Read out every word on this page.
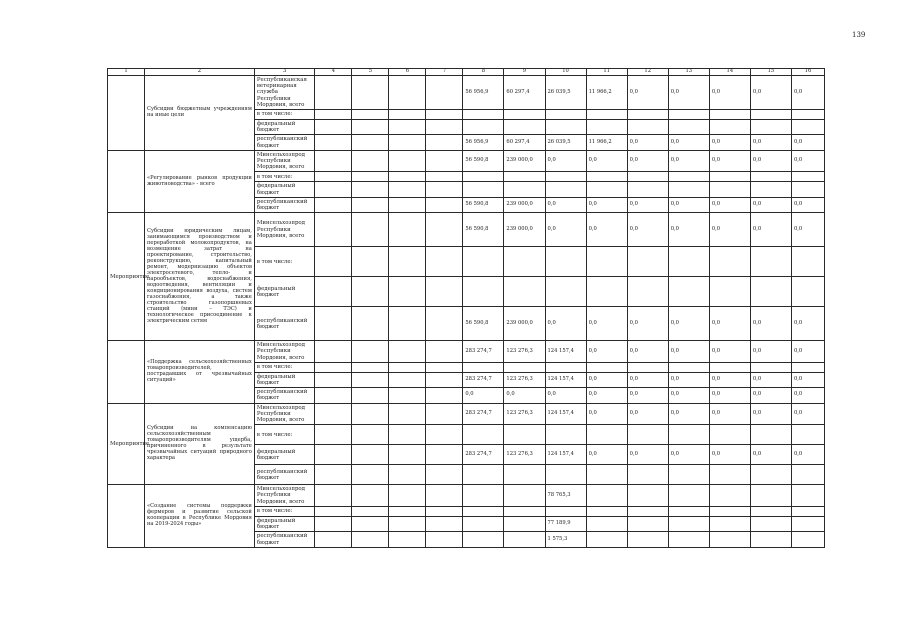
139
1	2	3	4	5	6	7	8	9	10	11	12	13	14	15	16
	Субсидии бюджетным учреждениям на иные цели	Республиканская ветеринарная служба Республики Мордовия, всего					56 956,9	60 297,4	26 039,5	11 966,2	0,0	0,0	0,0	0,0	0,0
		в том числе:													
		федеральный бюджет													
		республиканский бюджет					56 956,9	60 297,4	26 039,5	11 966,2	0,0	0,0	0,0	0,0	0,0
	«Регулирование рынков продукции животноводства» - всего	Минсельхозпрод Республики Мордовия, всего					56 590,8	239 000,0	0,0	0,0	0,0	0,0	0,0	0,0	0,0
		в том числе:													
		федеральный бюджет													
		республиканский бюджет					56 590,8	239 000,0	0,0	0,0	0,0	0,0	0,0	0,0	0,0
Мероприятие	Субсидии юридическим лицам, занимающимся производством и переработкой молокопродуктов, на возмещение затрат на проектирование, строительство, реконструкцию, капитальный ремонт, модернизацию объектов электросетевого, тепло- и парообъектов, водоснабжения, водоотведения, вентиляции и кондиционирования воздуха, систем газоснабжения, а также строительство газопоршневых станций (мини – ТЭС) и технологическое присоединение к электрическим сетям	Минсельхозпрод Республики Мордовия, всего					56 590,8	239 000,0	0,0	0,0	0,0	0,0	0,0	0,0	0,0
		в том числе:													
		федеральный бюджет													
		республиканский бюджет					56 590,8	239 000,0	0,0	0,0	0,0	0,0	0,0	0,0	0,0
	«Поддержка сельскохозяйственных товаропроизводителей, пострадавших от чрезвычайных ситуаций»	Минсельхозпрод Республики Мордовия, всего					283 274,7	123 276,3	124 157,4	0,0	0,0	0,0	0,0	0,0	0,0
		в том числе:													
		федеральный бюджет					283 274,7	123 276,3	124 157,4	0,0	0,0	0,0	0,0	0,0	0,0
		республиканский бюджет					0,0	0,0	0,0	0,0	0,0	0,0	0,0	0,0	0,0
Мероприятие	Субсидии на компенсацию сельскохозяйственным товаропроизводителям ущерба, причиненного в результате чрезвычайных ситуаций природного характера	Минсельхозпрод Республики Мордовия, всего					283 274,7	123 276,3	124 157,4	0,0	0,0	0,0	0,0	0,0	0,0
		в том числе:													
		федеральный бюджет					283 274,7	123 276,3	124 157,4	0,0	0,0	0,0	0,0	0,0	0,0
		республиканский бюджет													
	«Создание системы поддержки фермеров и развитие сельской кооперации в Республике Мордовия на 2019-2024 годы»	Минсельхозпрод Республики Мордовия, всего							78 765,3						
		в том числе:													
		федеральный бюджет							77 189,9						
		республиканский бюджет							1 575,3						
